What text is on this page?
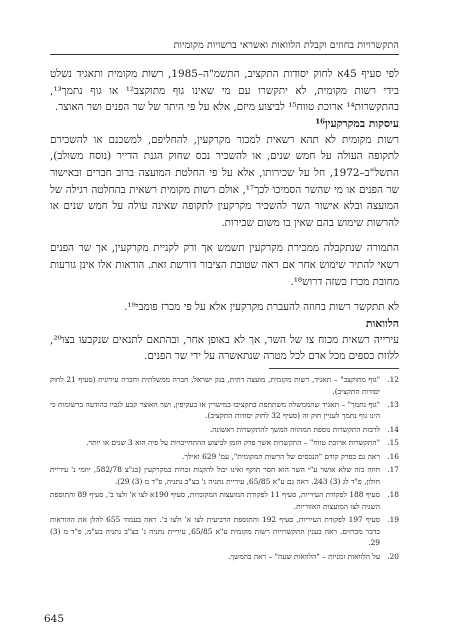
התקשרויות בחוזים וקבלת הלוואות ואשראי ברשויות מקומיות

לפי סעיף 45א לחוק יסודות התקציב, התשמ"ה–1985, רשות מקומית ותאגיד נשלט בידי רשות מקומית, לא יתקשרו עם מי שאינו גוף מתוקצב¹² או גוף נתמך¹³, בהתקשרות¹⁴ ארוכת טווח¹⁵ לביצוע מיזם, אלא על פי היתר של שר הפנים ושר האוצר.

עיסקות במקרקעין¹⁶

רשות מקומית לא תהא רשאית למכור מקרקעין, להחליפם, למשכנם או להשכירם לתקופה העולה על חמש שנים, או להשכיר נכס שחוק הגנת הדייר (נוסח משולב), התשל"ב–1972, חל על שכירותו, אלא על פי החלטת המועצה ברוב חברים ובאישור שר הפנים או מי שהשר הסמיכו לכך¹⁷, אולם רשות מקומית רשאית בהחלטה רגילה של המועצה ובלא אישור השר להשכיר מקרקעין לתקופה שאינה עולה על חמש שנים או להרשות שימוש בהם שאין בו משום שכירות.

התמורה שנתקבלה ממכירת מקרקעין תשמש אך ורק לקניית מקרקעין, אך שר הפנים רשאי להתיר שימוש אחר אם ראה שטובת הציבור דורשת זאת. הוראות אלו אינן גורעות מחובת מכרז כשזה דרוש¹⁸.

לא תתקשר רשות בחוזה להעברת מקרקעין אלא על פי מכרז פומבי¹⁹.

הלוואות

עירייה רשאית מכוח צו של השר, אך לא באופן אחר, ובהתאם לתנאים שנקבעו בצו²⁰, ללוות כספים מכל אדם לכל מטרה שנתאשרה על ידי שר הפנים.

12.
"גוף מתוקצב" – תאגיד, רשות מקומית, מועצה דתית, בנק ישראל, חברה ממשלתית וחברה עירונית (סעיף 21 לחוק יסודות התקציב).
13.
"גוף נתמך" – תאגיד שהממשלה משתתפת בתקציבו במישרין או בעקיפין, ושר האוצר קבע לגביו בהודעה ברשומות כי הינו גוף נתמך לעניין חוק זה (סעיף 32 לחוק יסודות התקציב).
14.
לרבות התקשרות נוספת המהווה המשך להתקשרות ראשונה.
15.
"התקשרות ארוכת טווח" – התקשרות אשר פרק הזמן לביצוע ההתחייבויות על פיה הוא 3 שנים או יותר.
16.
ראה גם בפרק קודם "הנכסים של הרשות המקומית", עמ' 629 ואילך.
17.
חוזה כזה שלא אושר ע"י השר הוא חסר תוקף ואינו יכול להקנות זכויות במקרקעין (בג"צ 582/78, יוזמי נ' עיריית חולון, פ"ד לג (3) 243. ראה גם ע"א 65/85, עיריית נתניה נ' בצ"ב נתניה, פ"ד מ (3) 29).
18.
סעיף 188 לפקודת העיריות, סעיף 11 לפקודת המועצות המקומיות, סעיף 190א לצו א' ולצו ב', סעיף 89 והתוספת השניה לצו המועצות האזוריות.
19.
סעיף 197 לפקודת העיריות, סעיף 192 והתוספת הרביעית לצו א' ולצו ב'. ראה בעמוד 655 להלן את ההוראות בדבר מכרזים. ראה בענין התקשרויות רשות מקומית ע"א 65/85, עיריית נתניה נ' בצ"ב נתניה בע"מ, פ"ד מ (3) 29.
20.
על הלוואות זמניות – "הלוואות שעה" – ראה בהמשך.
645
